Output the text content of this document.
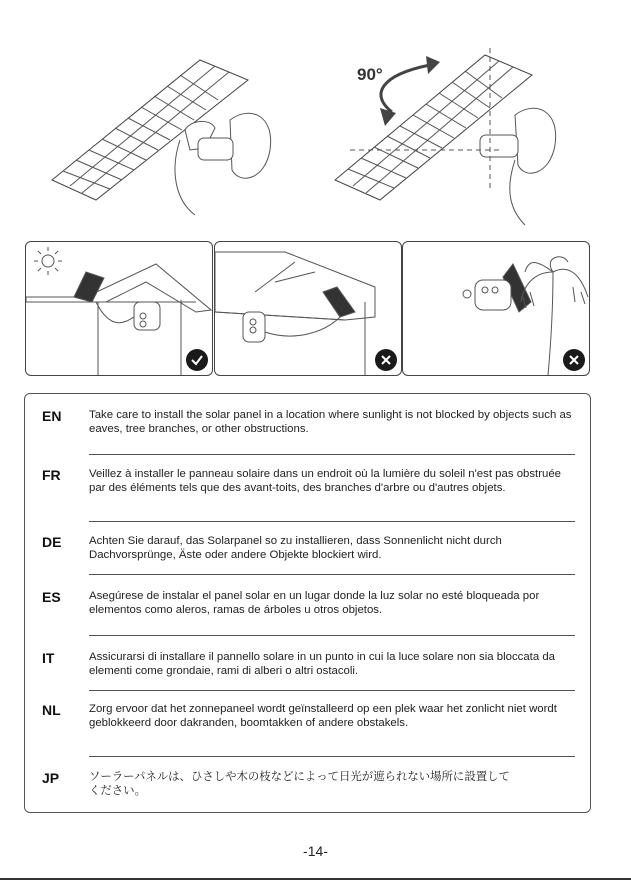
90°
EN Take care to install the solar panel in a location where sunlight is not blocked by objects such as eaves, tree branches, or other obstructions.
FR Veillez à installer le panneau solaire dans un endroit où la lumière du soleil n'est pas obstruée par des éléments tels que des avant-toits, des branches d'arbre ou d'autres objets.
DE Achten Sie darauf, das Solarpanel so zu installieren, dass Sonnenlicht nicht durch Dachvorsprünge, Äste oder andere Objekte blockiert wird.
ES Asegúrese de instalar el panel solar en un lugar donde la luz solar no esté bloqueada por elementos como aleros, ramas de árboles u otros objetos.
IT	Assicurarsi di installare il pannello solare in un punto in cui la luce solare non sia bloccata da elementi come grondaie, rami di alberi o altri ostacoli.
NL Zorg ervoor dat het zonnepaneel wordt geïnstalleerd op een plek waar het zonlicht niet wordt geblokkeerd door dakranden, boomtakken of andere obstakels.
JP	ソーラーパネルは、ひさしや木の枝などによって日光が遮られない場所に設置してください。
-14-
